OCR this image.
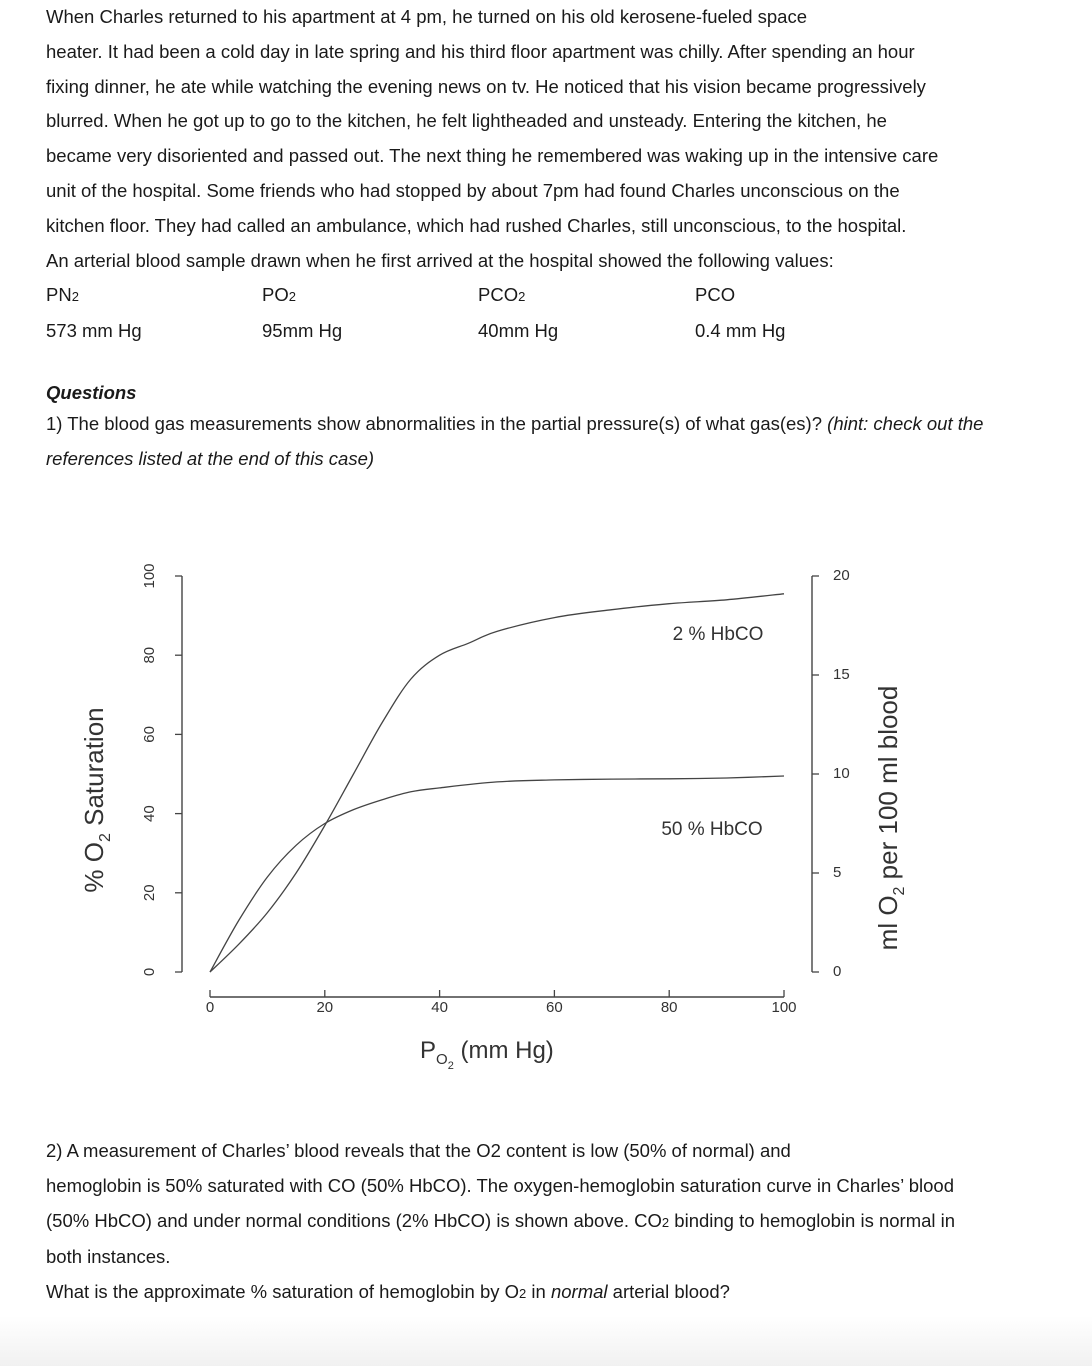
When Charles returned to his apartment at 4 pm, he turned on his old kerosene-fueled space
heater. It had been a cold day in late spring and his third floor apartment was chilly. After spending an hour
fixing dinner, he ate while watching the evening news on tv. He noticed that his vision became progressively
blurred. When he got up to go to the kitchen, he felt lightheaded and unsteady. Entering the kitchen, he
became very disoriented and passed out. The next thing he remembered was waking up in the intensive care
unit of the hospital. Some friends who had stopped by about 7pm had found Charles unconscious on the
kitchen floor. They had called an ambulance, which had rushed Charles, still unconscious, to the hospital.
An arterial blood sample drawn when he first arrived at the hospital showed the following values:

PN2	PO2	PCO2	PCO
573 mm Hg	95mm Hg	40mm Hg	0.4 mm Hg

Questions

1) The blood gas measurements show abnormalities in the partial pressure(s) of what gas(es)? (hint: check out the
references listed at the end of this case)

0
20
40
60
80
100
0
5
10
15
20
0	20	40	60	80	100
2 % HbCO
50 % HbCO
$P_{O2}$ (mm Hg)
% $O_2$ Saturation
ml $O_2$ per 100 ml blood

2) A measurement of Charles’ blood reveals that the O2 content is low (50% of normal) and
hemoglobin is 50% saturated with CO (50% HbCO). The oxygen-hemoglobin saturation curve in Charles’ blood
(50% HbCO) and under normal conditions (2% HbCO) is shown above. CO2 binding to hemoglobin is normal in
both instances.
What is the approximate % saturation of hemoglobin by O2 in normal arterial blood?
